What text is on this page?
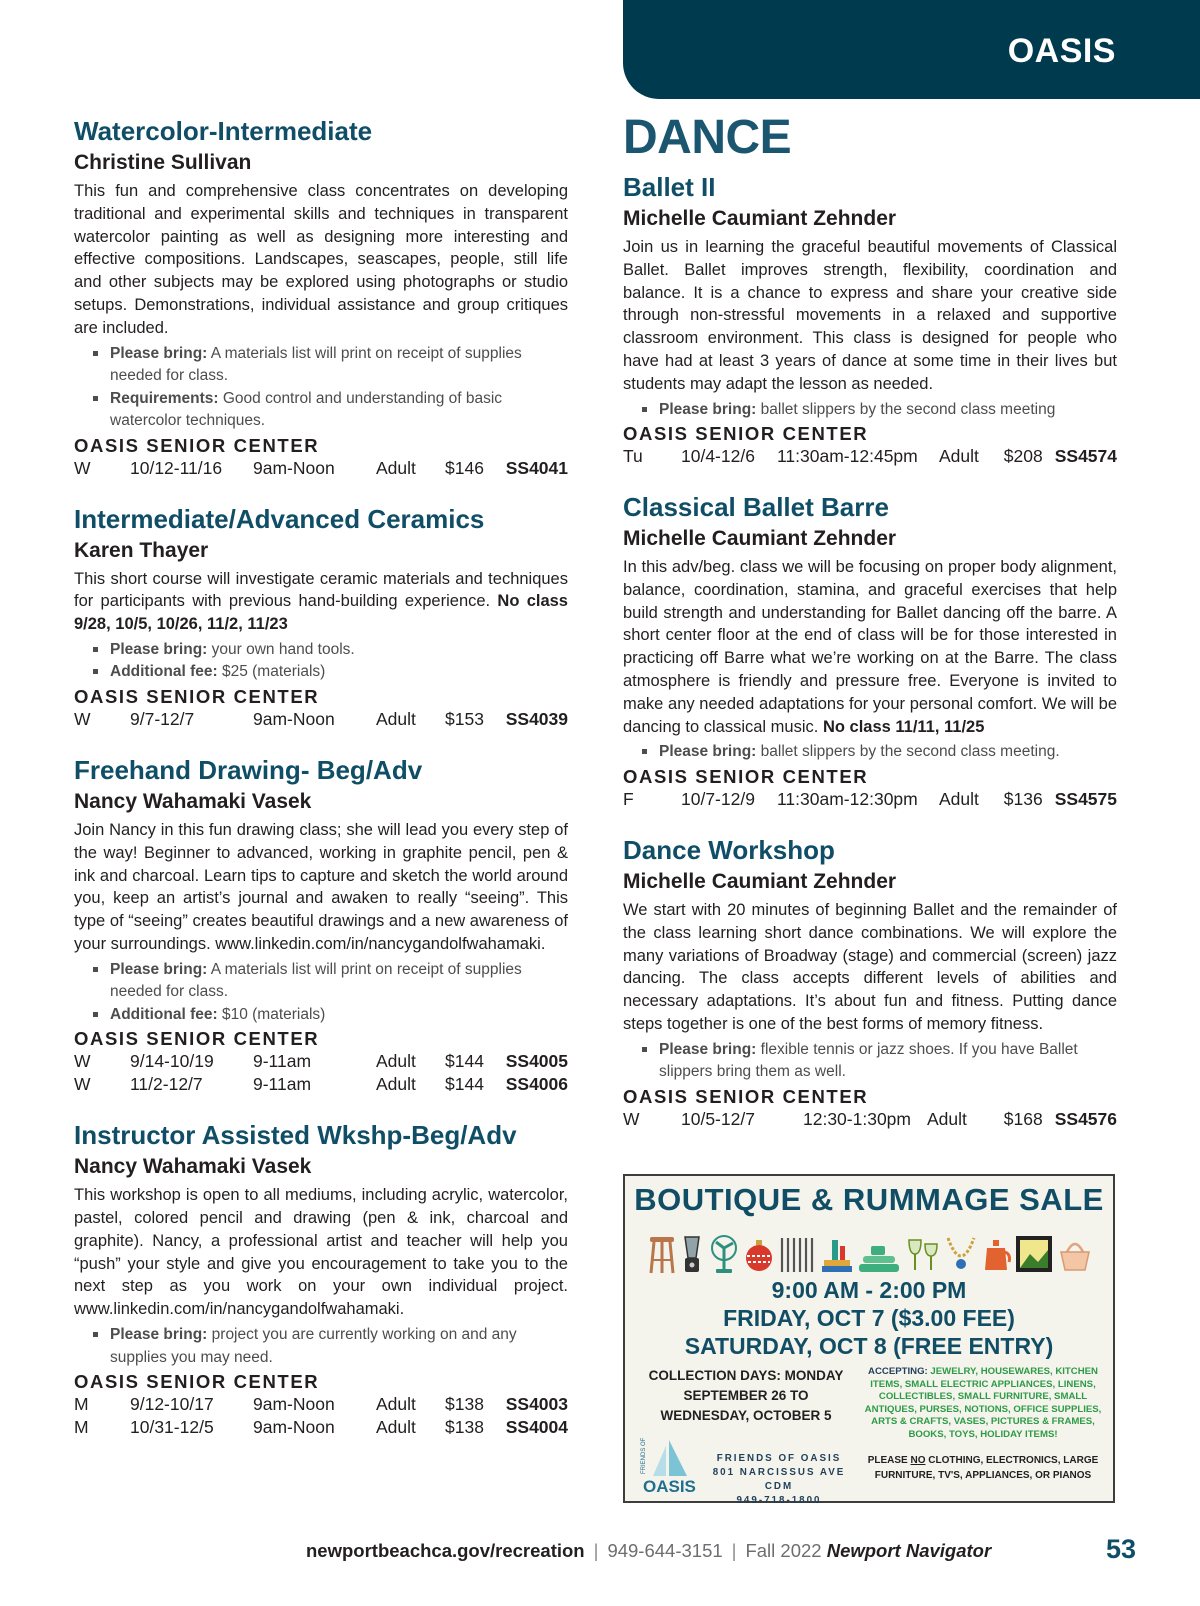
OASIS
Watercolor-Intermediate
Christine Sullivan
This fun and comprehensive class concentrates on developing traditional and experimental skills and techniques in transparent watercolor painting as well as designing more interesting and effective compositions. Landscapes, seascapes, people, still life and other subjects may be explored using photographs or studio setups. Demonstrations, individual assistance and group critiques are included.
Please bring: A materials list will print on receipt of supplies needed for class.
Requirements: Good control and understanding of basic watercolor techniques.
OASIS SENIOR CENTER
W	10/12-11/16	9am-Noon	Adult	$146	SS4041
Intermediate/Advanced Ceramics
Karen Thayer
This short course will investigate ceramic materials and techniques for participants with previous hand-building experience. No class 9/28, 10/5, 10/26, 11/2, 11/23
Please bring: your own hand tools.
Additional fee: $25 (materials)
OASIS SENIOR CENTER
W	9/7-12/7	9am-Noon	Adult	$153	SS4039
Freehand Drawing- Beg/Adv
Nancy Wahamaki Vasek
Join Nancy in this fun drawing class; she will lead you every step of the way! Beginner to advanced, working in graphite pencil, pen & ink and charcoal. Learn tips to capture and sketch the world around you, keep an artist’s journal and awaken to really “seeing”. This type of “seeing” creates beautiful drawings and a new awareness of your surroundings. www.linkedin.com/in/nancygandolfwahamaki.
Please bring: A materials list will print on receipt of supplies needed for class.
Additional fee: $10 (materials)
OASIS SENIOR CENTER
W	9/14-10/19	9-11am	Adult	$144	SS4005
W	11/2-12/7	9-11am	Adult	$144	SS4006
Instructor Assisted Wkshp-Beg/Adv
Nancy Wahamaki Vasek
This workshop is open to all mediums, including acrylic, watercolor, pastel, colored pencil and drawing (pen & ink, charcoal and graphite). Nancy, a professional artist and teacher will help you “push” your style and give you encouragement to take you to the next step as you work on your own individual project. www.linkedin.com/in/nancygandolfwahamaki.
Please bring: project you are currently working on and any supplies you may need.
OASIS SENIOR CENTER
M	9/12-10/17	9am-Noon	Adult	$138	SS4003
M	10/31-12/5	9am-Noon	Adult	$138	SS4004
DANCE
Ballet II
Michelle Caumiant Zehnder
Join us in learning the graceful beautiful movements of Classical Ballet. Ballet improves strength, flexibility, coordination and balance. It is a chance to express and share your creative side through non-stressful movements in a relaxed and supportive classroom environment. This class is designed for people who have had at least 3 years of dance at some time in their lives but students may adapt the lesson as needed.
Please bring: ballet slippers by the second class meeting
OASIS SENIOR CENTER
Tu	10/4-12/6	11:30am-12:45pm	Adult	$208 SS4574
Classical Ballet Barre
Michelle Caumiant Zehnder
In this adv/beg. class we will be focusing on proper body alignment, balance, coordination, stamina, and graceful exercises that help build strength and understanding for Ballet dancing off the barre. A short center floor at the end of class will be for those interested in practicing off Barre what we’re working on at the Barre. The class atmosphere is friendly and pressure free. Everyone is invited to make any needed adaptations for your personal comfort. We will be dancing to classical music. No class 11/11, 11/25
Please bring: ballet slippers by the second class meeting.
OASIS SENIOR CENTER
F	10/7-12/9	11:30am-12:30pm	Adult	$136 SS4575
Dance Workshop
Michelle Caumiant Zehnder
We start with 20 minutes of beginning Ballet and the remainder of the class learning short dance combinations. We will explore the many variations of Broadway (stage) and commercial (screen) jazz dancing. The class accepts different levels of abilities and necessary adaptations. It’s about fun and fitness. Putting dance steps together is one of the best forms of memory fitness.
Please bring: flexible tennis or jazz shoes. If you have Ballet slippers bring them as well.
OASIS SENIOR CENTER
W	10/5-12/7	12:30-1:30pm Adult	$168 SS4576
BOUTIQUE & RUMMAGE SALE
9:00 AM - 2:00 PM
FRIDAY, OCT 7 ($3.00 FEE)
SATURDAY, OCT 8 (FREE ENTRY)
COLLECTION DAYS: MONDAY SEPTEMBER 26 TO WEDNESDAY, OCTOBER 5
ACCEPTING: JEWELRY, HOUSEWARES, KITCHEN ITEMS, SMALL ELECTRIC APPLIANCES, LINENS, COLLECTIBLES, SMALL FURNITURE, SMALL ANTIQUES, PURSES, NOTIONS, OFFICE SUPPLIES, ARTS & CRAFTS, VASES, PICTURES & FRAMES, BOOKS, TOYS, HOLIDAY ITEMS!
FRIENDS OF
OASIS
FRIENDS OF OASIS
801 NARCISSUS AVE CDM
949-718-1800
PLEASE NO CLOTHING, ELECTRONICS, LARGE FURNITURE, TV'S, APPLIANCES, OR PIANOS
newportbeachca.gov/recreation | 949-644-3151 | Fall 2022 Newport Navigator	53
